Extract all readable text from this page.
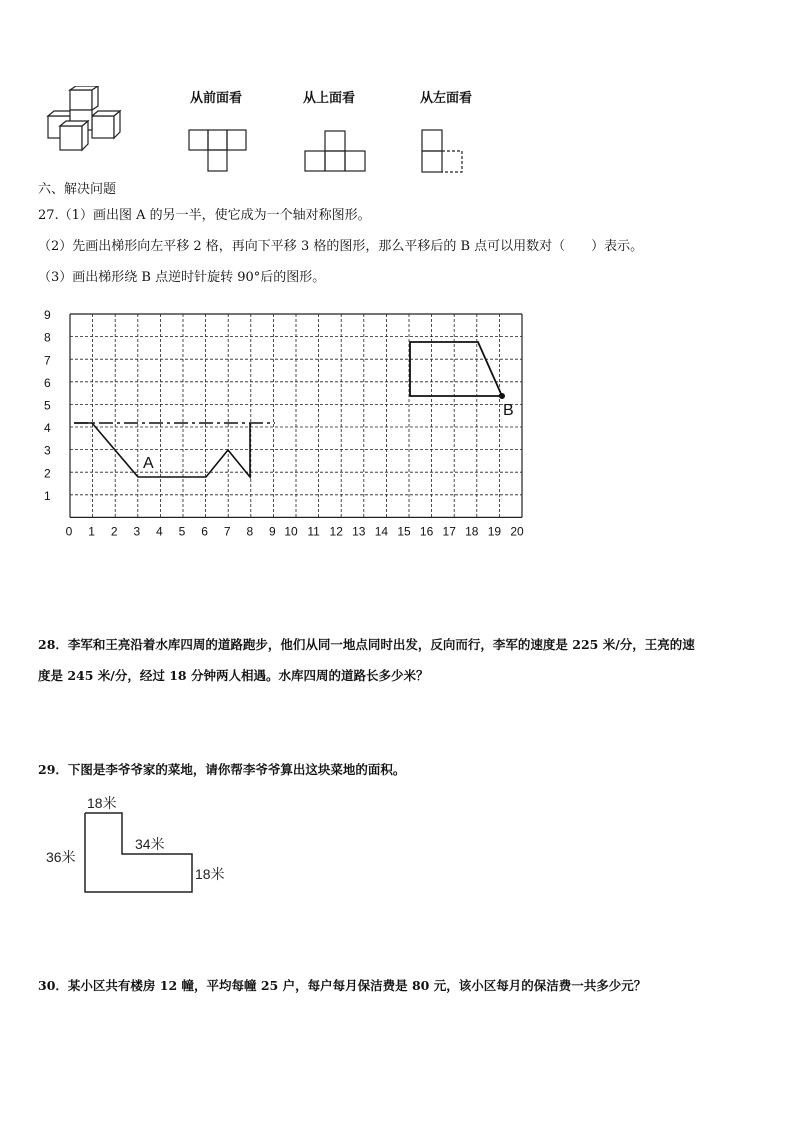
从前面看	从上面看	从左面看
六、解决问题
27.（1）画出图 A 的另一半，使它成为一个轴对称图形。
（2）先画出梯形向左平移 2 格，再向下平移 3 格的图形，那么平移后的 B 点可以用数对（　　）表示。
（3）画出梯形绕 B 点逆时针旋转 90°后的图形。
0 1 2 3 4 5 6 7 8 9 10 11 12 13 14 15 16 17 18 19 20
1
2
3
4
5
6
7
8
9
A
B
28．李军和王亮沿着水库四周的道路跑步，他们从同一地点同时出发，反向而行，李军的速度是 225 米/分，王亮的速
度是 245 米/分，经过 18 分钟两人相遇。水库四周的道路长多少米？
29．下图是李爷爷家的菜地，请你帮李爷爷算出这块菜地的面积。
18米
36米
34米
18米
30．某小区共有楼房 12 幢，平均每幢 25 户，每户每月保洁费是 80 元，该小区每月的保洁费一共多少元？
